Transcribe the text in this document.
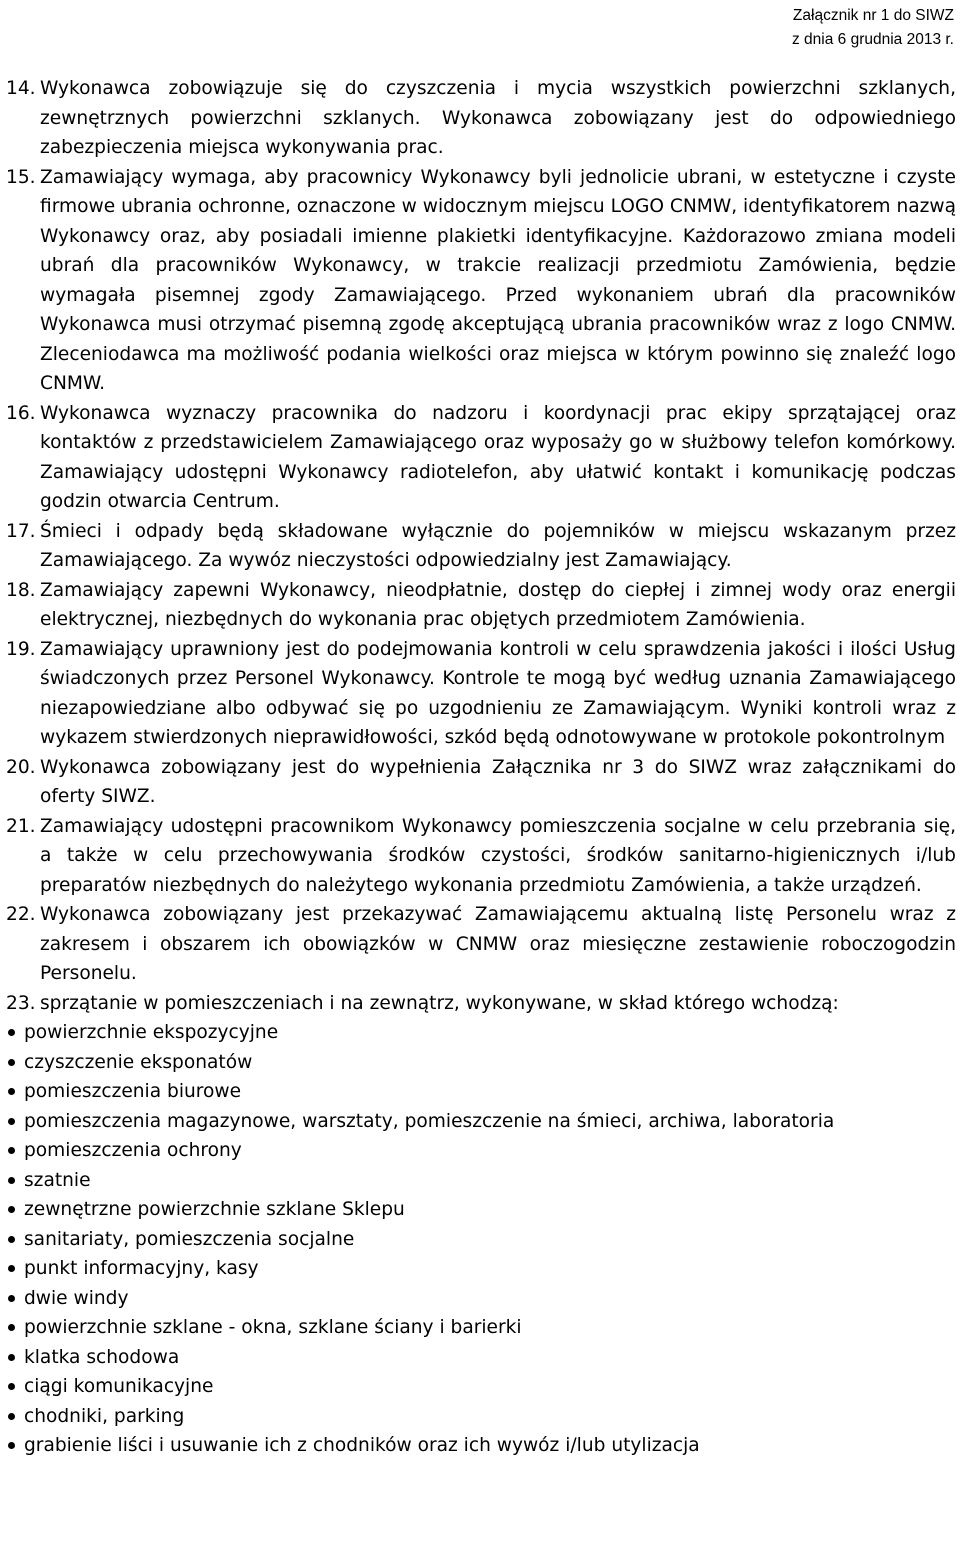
Załącznik nr 1 do SIWZ
z dnia 6 grudnia 2013 r.
14. Wykonawca zobowiązuje się do czyszczenia i mycia wszystkich powierzchni szklanych, zewnętrznych powierzchni szklanych. Wykonawca zobowiązany jest do odpowiedniego zabezpieczenia miejsca wykonywania prac.

15. Zamawiający wymaga, aby pracownicy Wykonawcy byli jednolicie ubrani, w estetyczne i czyste firmowe ubrania ochronne, oznaczone w widocznym miejscu LOGO CNMW, identyfikatorem nazwą Wykonawcy oraz, aby posiadali imienne plakietki identyfikacyjne. Każdorazowo zmiana modeli ubrań dla pracowników Wykonawcy, w trakcie realizacji przedmiotu Zamówienia, będzie wymagała pisemnej zgody Zamawiającego. Przed wykonaniem ubrań dla pracowników Wykonawca musi otrzymać pisemną zgodę akceptującą ubrania pracowników wraz z logo CNMW. Zleceniodawca ma możliwość podania wielkości oraz miejsca w którym powinno się znaleźć logo CNMW.

16. Wykonawca wyznaczy pracownika do nadzoru i koordynacji prac ekipy sprzątającej oraz kontaktów z przedstawicielem Zamawiającego oraz wyposaży go w służbowy telefon komórkowy. Zamawiający udostępni Wykonawcy radiotelefon, aby ułatwić kontakt i komunikację podczas godzin otwarcia Centrum.

17. Śmieci i odpady będą składowane wyłącznie do pojemników w miejscu wskazanym przez Zamawiającego. Za wywóz nieczystości odpowiedzialny jest Zamawiający.

18. Zamawiający zapewni Wykonawcy, nieodpłatnie, dostęp do ciepłej i zimnej wody oraz energii elektrycznej, niezbędnych do wykonania prac objętych przedmiotem Zamówienia.

19. Zamawiający uprawniony jest do podejmowania kontroli w celu sprawdzenia jakości i ilości Usług świadczonych przez Personel Wykonawcy. Kontrole te mogą być według uznania Zamawiającego niezapowiedziane albo odbywać się po uzgodnieniu ze Zamawiającym. Wyniki kontroli wraz z wykazem stwierdzonych nieprawidłowości, szkód będą odnotowywane w protokole pokontrolnym

20. Wykonawca zobowiązany jest do wypełnienia Załącznika nr 3 do SIWZ wraz załącznikami do oferty SIWZ.

21. Zamawiający udostępni pracownikom Wykonawcy pomieszczenia socjalne w celu przebrania się, a także w celu przechowywania środków czystości, środków sanitarno-higienicznych i/lub preparatów niezbędnych do należytego wykonania przedmiotu Zamówienia, a także urządzeń.

22. Wykonawca zobowiązany jest przekazywać Zamawiającemu aktualną listę Personelu wraz z zakresem i obszarem ich obowiązków w CNMW oraz miesięczne zestawienie roboczogodzin Personelu.

23. sprzątanie w pomieszczeniach i na zewnątrz, wykonywane, w skład którego wchodzą:

powierzchnie ekspozycyjne
czyszczenie eksponatów
pomieszczenia biurowe
pomieszczenia magazynowe, warsztaty, pomieszczenie na śmieci, archiwa, laboratoria
pomieszczenia ochrony
szatnie
zewnętrzne powierzchnie szklane Sklepu
sanitariaty, pomieszczenia socjalne
punkt informacyjny, kasy
dwie windy
powierzchnie szklane - okna, szklane ściany i barierki
klatka schodowa
ciągi komunikacyjne
chodniki, parking
grabienie liści i usuwanie ich z chodników oraz ich wywóz i/lub utylizacja
